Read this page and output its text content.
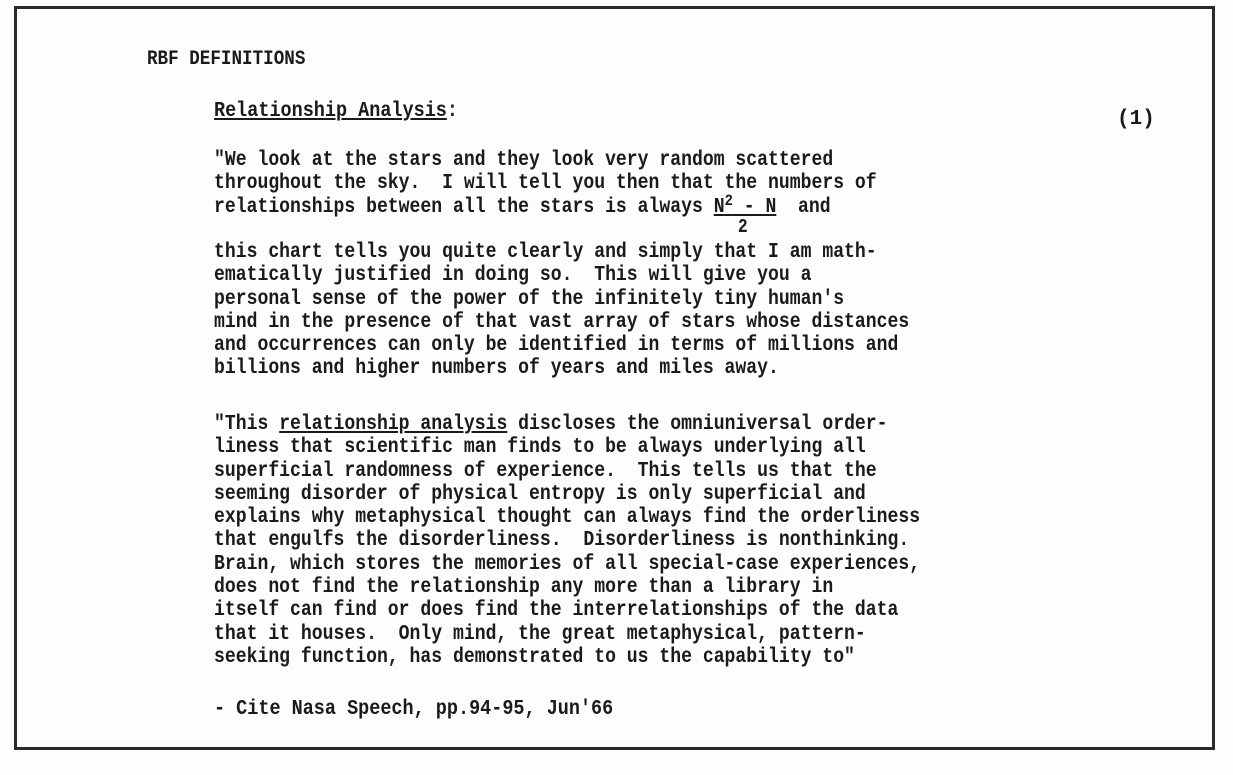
RBF DEFINITIONS
Relationship Analysis:	(1)
"We look at the stars and they look very random scattered
throughout the sky.  I will tell you then that the numbers of
relationships between all the stars is always $N^2$ - N
2
and
this chart tells you quite clearly and simply that I am math-
ematically justified in doing so.  This will give you a
personal sense of the power of the infinitely tiny human's
mind in the presence of that vast array of stars whose distances
and occurrences can only be identified in terms of millions and
billions and higher numbers of years and miles away.
"This relationship analysis discloses the omniuniversal order-
liness that scientific man finds to be always underlying all
superficial randomness of experience.  This tells us that the
seeming disorder of physical entropy is only superficial and
explains why metaphysical thought can always find the orderliness
that engulfs the disorderliness.  Disorderliness is nonthinking.
Brain, which stores the memories of all special-case experiences,
does not find the relationship any more than a library in
itself can find or does find the interrelationships of the data
that it houses.  Only mind, the great metaphysical, pattern-
seeking function, has demonstrated to us the capability to"
- Cite Nasa Speech, pp.94-95, Jun'66
